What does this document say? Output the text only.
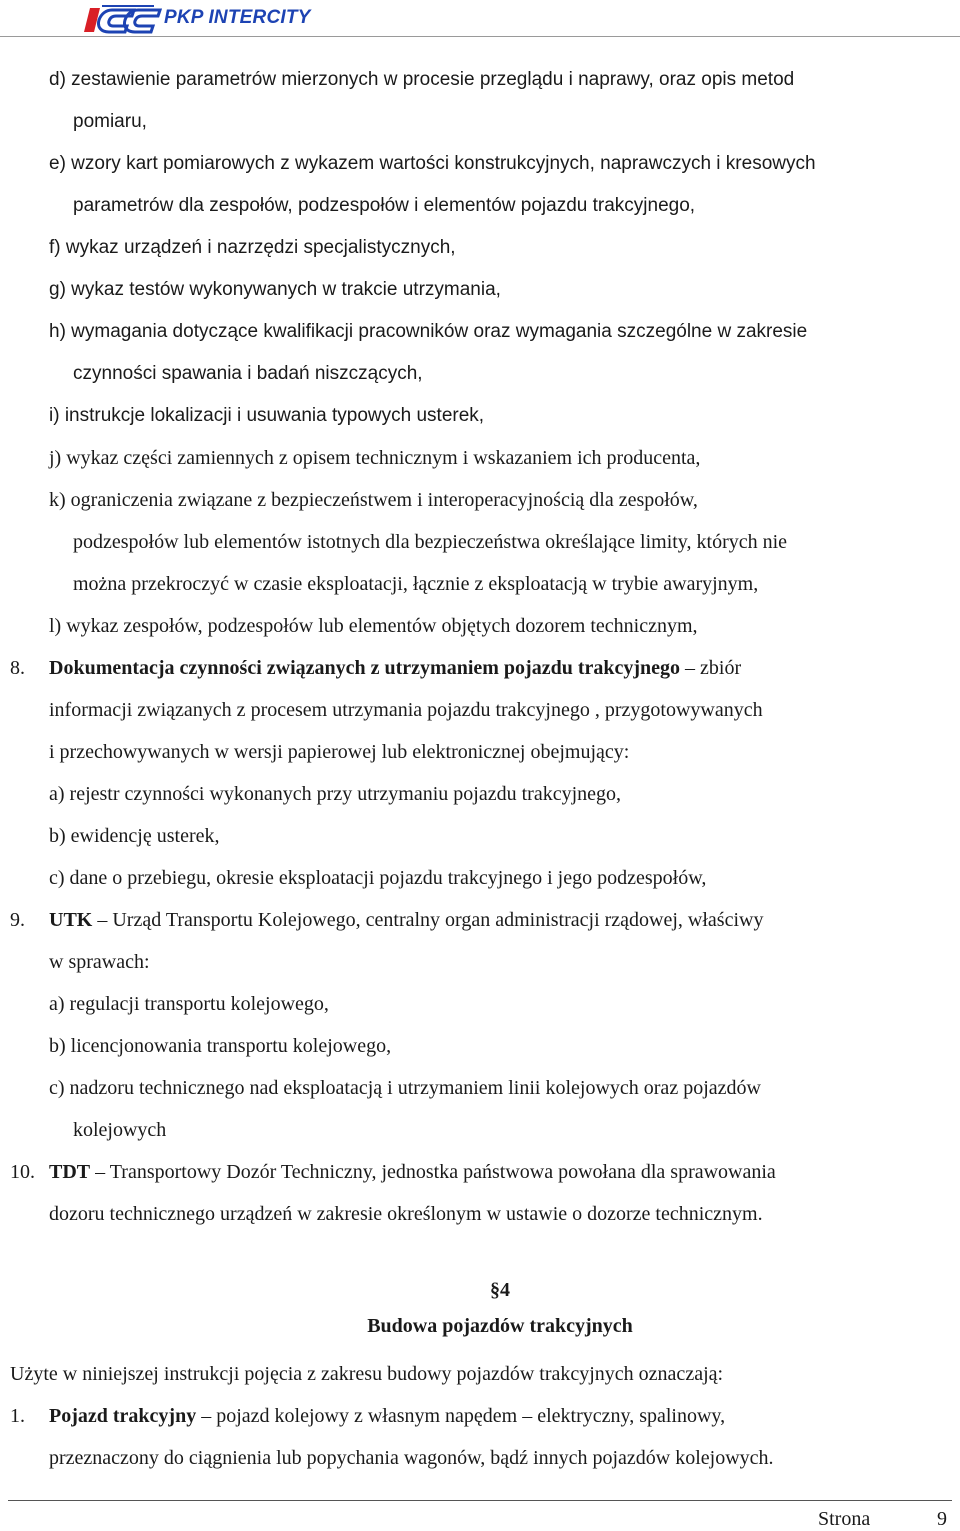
PKP INTERCITY
d) zestawienie parametrów mierzonych w procesie przeglądu i naprawy, oraz opis metod
pomiaru,
e) wzory kart pomiarowych z wykazem wartości konstrukcyjnych, naprawczych i kresowych
parametrów dla zespołów, podzespołów i elementów pojazdu trakcyjnego,
f) wykaz urządzeń i nazrzędzi specjalistycznych,
g) wykaz testów wykonywanych w trakcie utrzymania,
h) wymagania dotyczące kwalifikacji pracowników oraz wymagania szczególne w zakresie
czynności spawania i badań niszczących,
i) instrukcje lokalizacji i usuwania typowych usterek,
j) wykaz części zamiennych z opisem technicznym i wskazaniem ich producenta,
k) ograniczenia związane z bezpieczeństwem i interoperacyjnością dla zespołów,
podzespołów lub elementów istotnych dla bezpieczeństwa określające limity, których nie
można przekroczyć w czasie eksploatacji, łącznie z eksploatacją w trybie awaryjnym,
l) wykaz zespołów, podzespołów lub elementów objętych dozorem technicznym,
8. Dokumentacja czynności związanych z utrzymaniem pojazdu trakcyjnego – zbiór
informacji związanych z procesem utrzymania pojazdu trakcyjnego , przygotowywanych
i przechowywanych w wersji papierowej lub elektronicznej obejmujący:
a) rejestr czynności wykonanych przy utrzymaniu pojazdu trakcyjnego,
b) ewidencję usterek,
c) dane o przebiegu, okresie eksploatacji pojazdu trakcyjnego i jego podzespołów,
9. UTK – Urząd Transportu Kolejowego, centralny organ administracji rządowej, właściwy
w sprawach:
a) regulacji transportu kolejowego,
b) licencjonowania transportu kolejowego,
c) nadzoru technicznego nad eksploatacją i utrzymaniem linii kolejowych oraz pojazdów
kolejowych
10. TDT – Transportowy Dozór Techniczny, jednostka państwowa powołana dla sprawowania
dozoru technicznego urządzeń w zakresie określonym w ustawie o dozorze technicznym.
§4
Budowa pojazdów trakcyjnych
Użyte w niniejszej instrukcji pojęcia z zakresu budowy pojazdów trakcyjnych oznaczają:
1. Pojazd trakcyjny – pojazd kolejowy z własnym napędem – elektryczny, spalinowy,
przeznaczony do ciągnienia lub popychania wagonów, bądź innych pojazdów kolejowych.
Strona	9
